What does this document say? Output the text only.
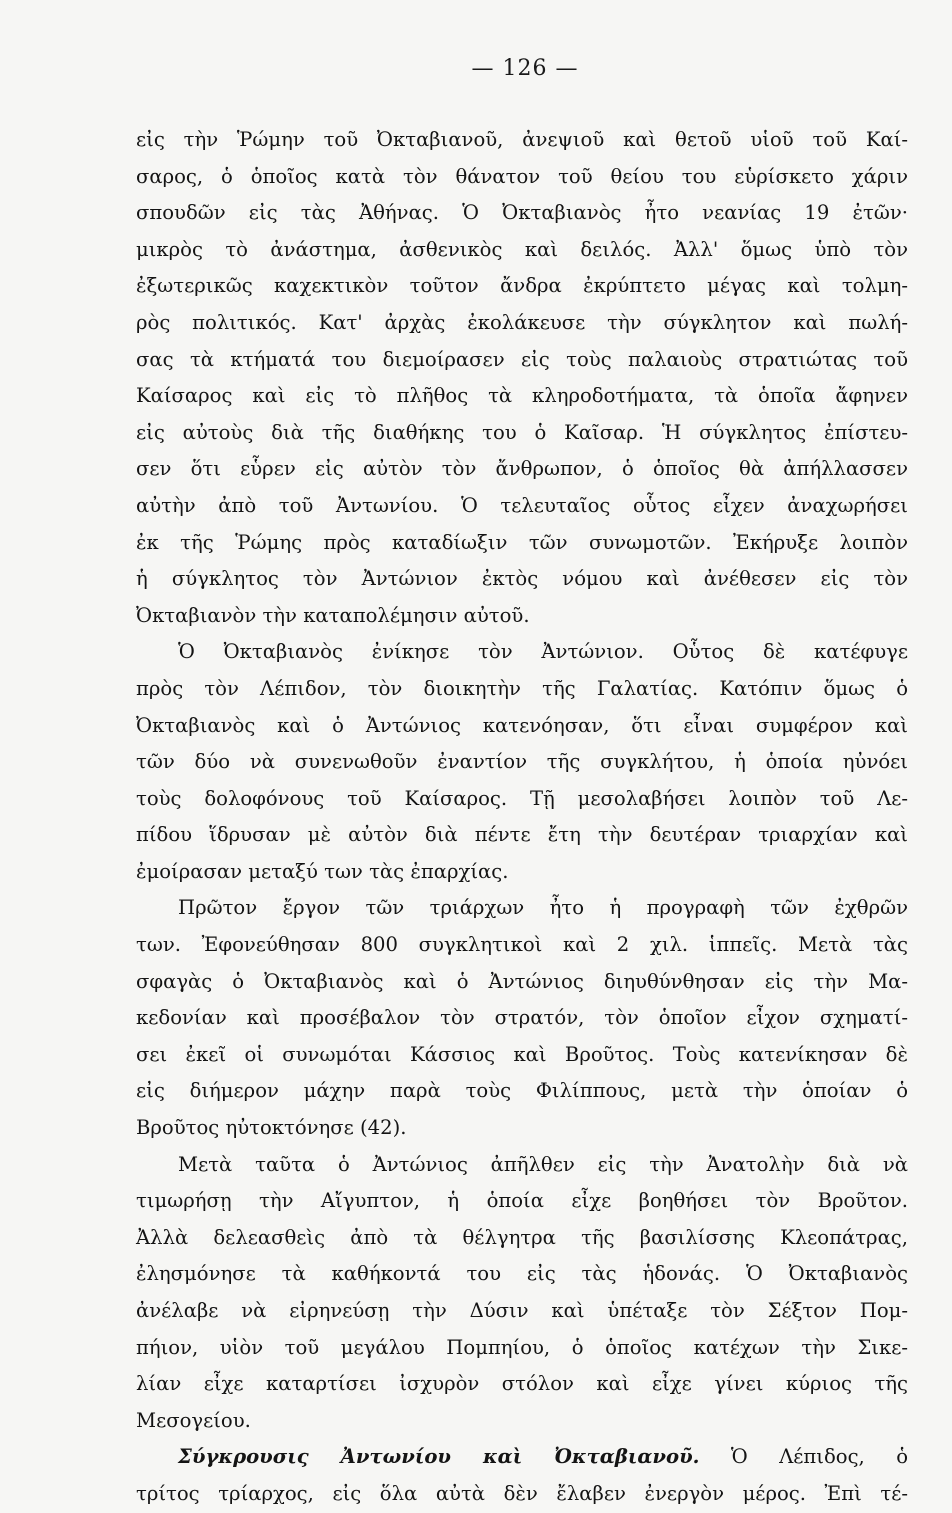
— 126 —
εἰς τὴν Ῥώμην τοῦ Ὀκταβιανοῦ, ἀνεψιοῦ καὶ θετοῦ υἱοῦ τοῦ Καί-
σαρος, ὁ ὁποῖος κατὰ τὸν θάνατον τοῦ θείου του εὑρίσκετο χάριν
σπουδῶν εἰς τὰς Ἀθήνας. Ὁ Ὀκταβιανὸς ἦτο νεανίας 19 ἐτῶν·
μικρὸς τὸ ἀνάστημα, ἀσθενικὸς καὶ δειλός. Ἀλλ' ὅμως ὑπὸ τὸν
ἐξωτερικῶς καχεκτικὸν τοῦτον ἄνδρα ἐκρύπτετο μέγας καὶ τολμη-
ρὸς πολιτικός. Κατ' ἀρχὰς ἐκολάκευσε τὴν σύγκλητον καὶ πωλή-
σας τὰ κτήματά του διεμοίρασεν εἰς τοὺς παλαιοὺς στρατιώτας τοῦ
Καίσαρος καὶ εἰς τὸ πλῆθος τὰ κληροδοτήματα, τὰ ὁποῖα ἄφηνεν
εἰς αὐτοὺς διὰ τῆς διαθήκης του ὁ Καῖσαρ. Ἡ σύγκλητος ἐπίστευ-
σεν ὅτι εὗρεν εἰς αὐτὸν τὸν ἄνθρωπον, ὁ ὁποῖος θὰ ἀπήλλασσεν
αὐτὴν ἀπὸ τοῦ Ἀντωνίου. Ὁ τελευταῖος οὗτος εἶχεν ἀναχωρήσει
ἐκ τῆς Ῥώμης πρὸς καταδίωξιν τῶν συνωμοτῶν. Ἐκήρυξε λοιπὸν
ἡ σύγκλητος τὸν Ἀντώνιον ἐκτὸς νόμου καὶ ἀνέθεσεν εἰς τὸν
Ὀκταβιανὸν τὴν καταπολέμησιν αὐτοῦ.
Ὁ Ὀκταβιανὸς ἐνίκησε τὸν Ἀντώνιον. Οὗτος δὲ κατέφυγε
πρὸς τὸν Λέπιδον, τὸν διοικητὴν τῆς Γαλατίας. Κατόπιν ὅμως ὁ
Ὀκταβιανὸς καὶ ὁ Ἀντώνιος κατενόησαν, ὅτι εἶναι συμφέρον καὶ
τῶν δύο νὰ συνενωθοῦν ἐναντίον τῆς συγκλήτου, ἡ ὁποία ηὐνόει
τοὺς δολοφόνους τοῦ Καίσαρος. Τῇ μεσολαβήσει λοιπὸν τοῦ Λε-
πίδου ἵδρυσαν μὲ αὐτὸν διὰ πέντε ἔτη τὴν δευτέραν τριαρχίαν καὶ
ἐμοίρασαν μεταξύ των τὰς ἐπαρχίας.
Πρῶτον ἔργον τῶν τριάρχων ἦτο ἡ προγραφὴ τῶν ἐχθρῶν
των. Ἐφονεύθησαν 800 συγκλητικοὶ καὶ 2 χιλ. ἱππεῖς. Μετὰ τὰς
σφαγὰς ὁ Ὀκταβιανὸς καὶ ὁ Ἀντώνιος διηυθύνθησαν εἰς τὴν Μα-
κεδονίαν καὶ προσέβαλον τὸν στρατόν, τὸν ὁποῖον εἶχον σχηματί-
σει ἐκεῖ οἱ συνωμόται Κάσσιος καὶ Βροῦτος. Τοὺς κατενίκησαν δὲ
εἰς διήμερον μάχην παρὰ τοὺς Φιλίππους, μετὰ τὴν ὁποίαν ὁ
Βροῦτος ηὐτοκτόνησε (42).
Μετὰ ταῦτα ὁ Ἀντώνιος ἀπῆλθεν εἰς τὴν Ἀνατολὴν διὰ νὰ
τιμωρήσῃ τὴν Αἴγυπτον, ἡ ὁποία εἶχε βοηθήσει τὸν Βροῦτον.
Ἀλλὰ δελεασθεὶς ἀπὸ τὰ θέλγητρα τῆς βασιλίσσης Κλεοπάτρας,
ἐλησμόνησε τὰ καθήκοντά του εἰς τὰς ἡδονάς. Ὁ Ὀκταβιανὸς
ἀνέλαβε νὰ εἰρηνεύσῃ τὴν Δύσιν καὶ ὑπέταξε τὸν Σέξτον Πομ-
πήιον, υἱὸν τοῦ μεγάλου Πομπηίου, ὁ ὁποῖος κατέχων τὴν Σικε-
λίαν εἶχε καταρτίσει ἰσχυρὸν στόλον καὶ εἶχε γίνει κύριος τῆς
Μεσογείου.
Σύγκρουσις Ἀντωνίου καὶ Ὀκταβιανοῦ. Ὁ Λέπιδος, ὁ
τρίτος τρίαρχος, εἰς ὅλα αὐτὰ δὲν ἔλαβεν ἐνεργὸν μέρος. Ἐπὶ τέ-
